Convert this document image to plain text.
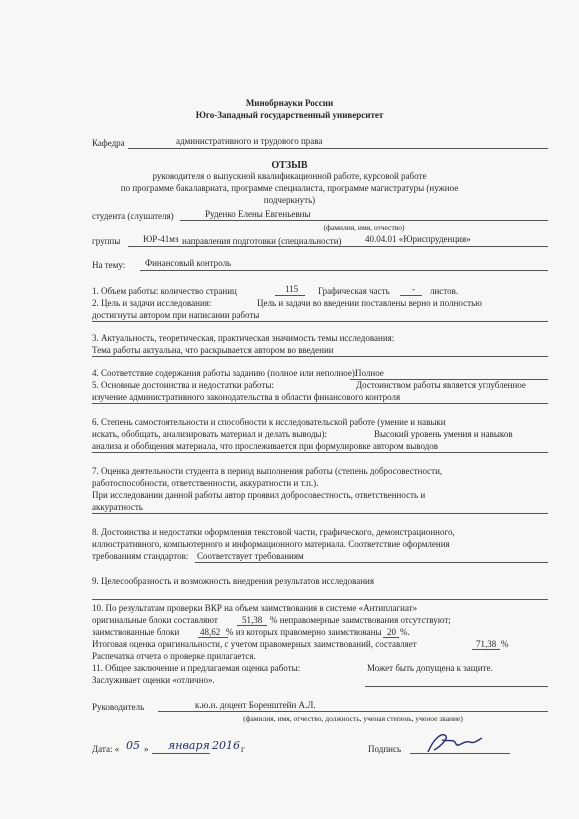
Минобрнауки России
Юго-Западный государственный университет
Кафедра	административного и трудового права
ОТЗЫВ
руководителя о выпускной квалификационной работе, курсовой работе
по программе бакалавриата, программе специалиста, программе магистратуры (нужное
подчеркнуть)
студента (слушателя)	Руденко Елены Евгеньевны
(фамилия, имя, отчество)
группы	ЮР-41мз направления подготовки (специальности)	40.04.01 «Юриспруденция»
На тему: Финансовый контроль
1. Объем работы: количество страниц	115 Графическая часть - листов.
2. Цель и задачи исследования:	Цель и задачи во введении поставлены верно и полностью
достигнуты автором при написании работы
3. Актуальность, теоретическая, практическая значимость темы исследования:
Тема работы актуальна, что раскрывается автором во введении
4. Соответствие содержания работы заданию (полное или неполное):
Полное
5. Основные достоинства и недостатки работы:	Достоинством работы является углубленное
изучение административного законодательства в области финансового контроля
6. Степень самостоятельности и способности к исследовательской работе (умение и навыки
искать, обобщать, анализировать материал и делать выводы):	Высокий уровень умения и навыков
анализа и обобщения материала, что прослеживается при формулировке автором выводов
7. Оценка деятельности студента в период выполнения работы (степень добросовестности,
работоспособности, ответственности, аккуратности и т.п.).
При исследовании данной работы автор проявил добросовестность, ответственность и
аккуратность
8. Достоинства и недостатки оформления текстовой части, графического, демонстрационного,
иллюстративного, компьютерного и информационного материала. Соответствие оформления
требованиям стандартов: Соответствует требованиям
9. Целесообразность и возможность внедрения результатов исследования
10. По результатам проверки ВКР на объем заимствования в системе «Антиплагиат»
оригинальные блоки составляют	51,38 % неправомерные заимствования отсутствуют;
заимствованные блоки 48,62 % из которых правомерно заимствованы 20 %.
Итоговая оценка оригинальности, с учетом правомерных заимствований, составляет	71,38 %
Распечатка отчета о проверке прилагается.
11. Общее заключение и предлагаемая оценка работы:	Может быть допущена к защите.
Заслуживает оценки «отлично».
Руководитель	к.ю.н. доцент Боренштейн А.Л.
(фамилия, имя, отчество, должность, ученая степень, ученое звание)
Дата: « 05 » января 2016 г	Подпись
